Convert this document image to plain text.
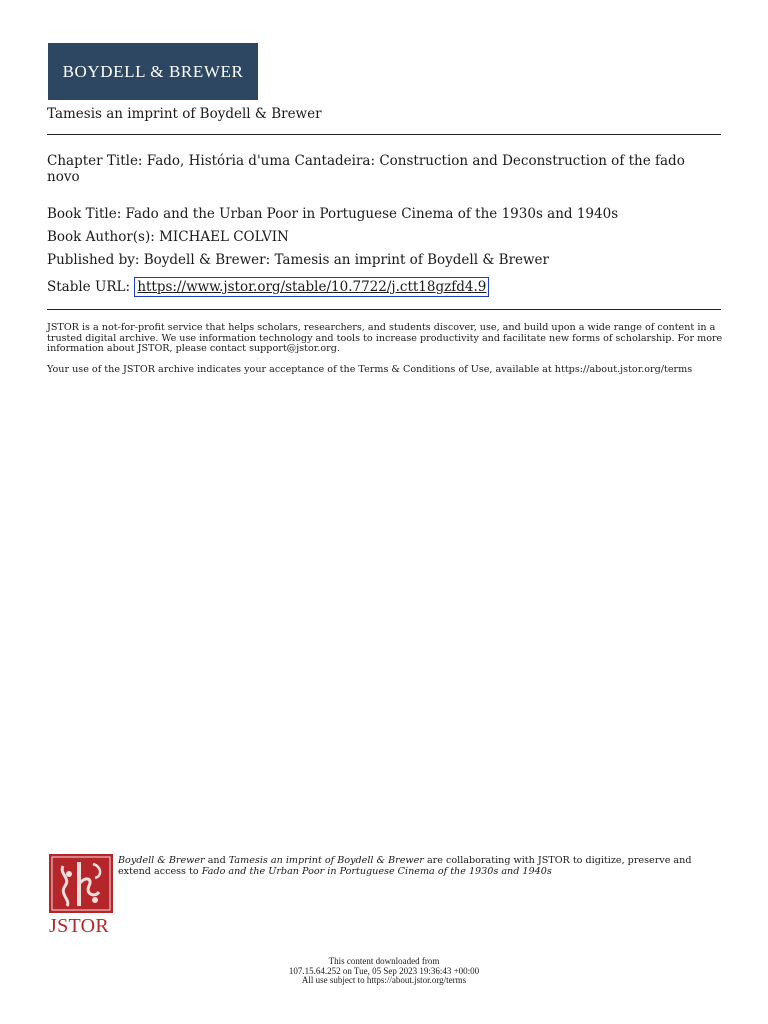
BOYDELL & BREWER
Tamesis an imprint of Boydell & Brewer
Chapter Title: Fado, História d'uma Cantadeira: Construction and Deconstruction of the fado novo
Book Title: Fado and the Urban Poor in Portuguese Cinema of the 1930s and 1940s
Book Author(s): MICHAEL COLVIN
Published by: Boydell & Brewer: Tamesis an imprint of Boydell & Brewer
Stable URL: https://www.jstor.org/stable/10.7722/j.ctt18gzfd4.9
JSTOR is a not-for-profit service that helps scholars, researchers, and students discover, use, and build upon a wide range of content in a trusted digital archive. We use information technology and tools to increase productivity and facilitate new forms of scholarship. For more information about JSTOR, please contact support@jstor.org.
Your use of the JSTOR archive indicates your acceptance of the Terms & Conditions of Use, available at https://about.jstor.org/terms
JSTOR
Boydell & Brewer and Tamesis an imprint of Boydell & Brewer are collaborating with JSTOR to digitize, preserve and extend access to Fado and the Urban Poor in Portuguese Cinema of the 1930s and 1940s
This content downloaded from
107.15.64.252 on Tue, 05 Sep 2023 19:36:43 +00:00
All use subject to https://about.jstor.org/terms
